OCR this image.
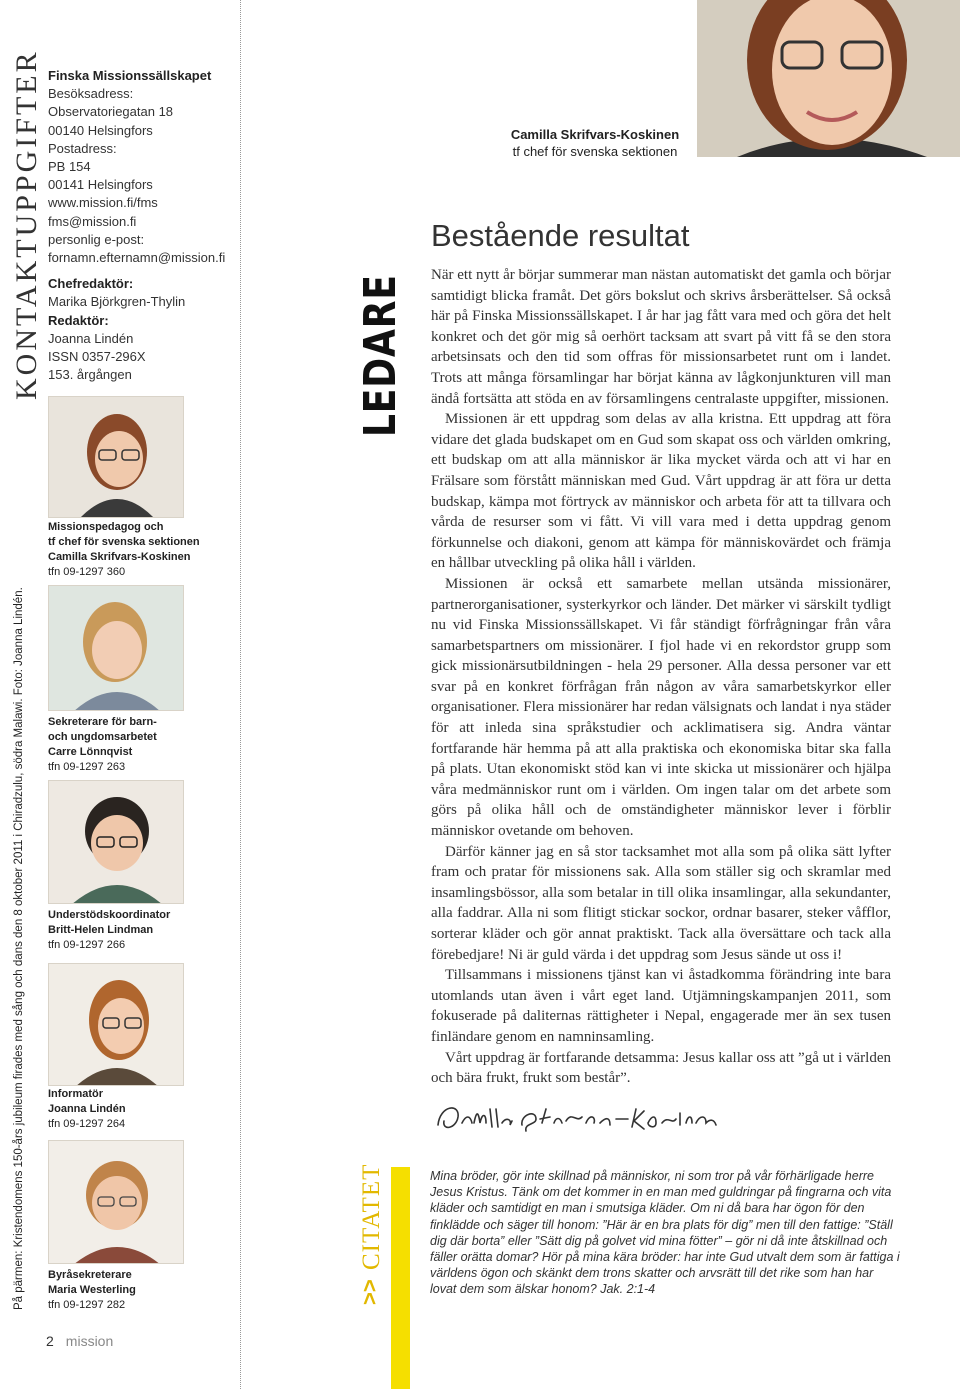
På pärmen: Kristendomens 150-års jubileum firades med sång och dans den 8 oktober 2011 i Chiradzulu, södra Malawi. Foto: Joanna Lindén.
KONTAKTUPPGIFTER Finska Missionssällskapet
Besöksadress:
Observatoriegatan 18
00140 Helsingfors
Postadress:
PB 154
00141 Helsingfors
www.mission.fi/fms
fms@mission.fi
personlig e-post:
fornamn.efternamn@mission.fi
Chefredaktör:
Marika Björkgren-Thylin
Redaktör:
Joanna Lindén
ISSN 0357-296X
153. årgången
Missionspedagog och
tf chef för svenska sektionen
Camilla Skrifvars-Koskinen
tfn 09-1297 360
Sekreterare för barn-
och ungdomsarbetet
Carre Lönnqvist
tfn 09-1297 263
Understödskoordinator
Britt-Helen Lindman
tfn 09-1297 266
Informatör
Joanna Lindén
tfn 09-1297 264
Byråsekreterare
Maria Westerling
tfn 09-1297 282
2 mission
LEDARE
Camilla Skrifvars-Koskinen
tf chef för svenska sektionen
Bestående resultat

När ett nytt år börjar summerar man nästan automatiskt det gamla och börjar samtidigt blicka framåt. Det görs bokslut och skrivs årsberättelser. Så också här på Finska Missionssällskapet. I år har jag fått vara med och göra det helt konkret och det gör mig så oerhört tacksam att svart på vitt få se den stora arbetsinsats och den tid som offras för missionsarbetet runt om i landet. Trots att många församlingar har börjat känna av lågkonjunkturen vill man ändå fortsätta att stöda en av församlingens centralaste uppgifter, missionen.

Missionen är ett uppdrag som delas av alla kristna. Ett uppdrag att föra vidare det glada budskapet om en Gud som skapat oss och världen omkring, ett budskap om att alla människor är lika mycket värda och att vi har en Frälsare som förstått människan med Gud. Vårt uppdrag är att föra ur detta budskap, kämpa mot förtryck av människor och arbeta för att ta tillvara och vårda de resurser som vi fått. Vi vill vara med i detta uppdrag genom förkunnelse och diakoni, genom att kämpa för människovärdet och främja en hållbar utveckling på olika håll i världen.

Missionen är också ett samarbete mellan utsända missionärer, partnerorganisationer, systerkyrkor och länder. Det märker vi särskilt tydligt nu vid Finska Missionssällskapet. Vi får ständigt förfrågningar från våra samarbetspartners om missionärer. I fjol hade vi en rekordstor grupp som gick missionärsutbildningen - hela 29 personer. Alla dessa personer var ett svar på en konkret förfrågan från någon av våra samarbetskyrkor eller organisationer. Flera missionärer har redan välsignats och landat i nya städer för att inleda sina språkstudier och acklimatisera sig. Andra väntar fortfarande här hemma på att alla praktiska och ekonomiska bitar ska falla på plats. Utan ekonomiskt stöd kan vi inte skicka ut missionärer och hjälpa våra medmänniskor runt om i världen. Om ingen talar om det arbete som görs på olika håll och de omständigheter människor lever i förblir människor ovetande om behoven.

Därför känner jag en så stor tacksamhet mot alla som på olika sätt lyfter fram och pratar för missionens sak. Alla som ställer sig och skramlar med insamlingsbössor, alla som betalar in till olika insamlingar, alla sekundanter, alla faddrar. Alla ni som flitigt stickar sockor, ordnar basarer, steker våfflor, sorterar kläder och gör annat praktiskt. Tack alla översättare och tack alla förebedjare! Ni är guld värda i det uppdrag som Jesus sände ut oss i!

Tillsammans i missionens tjänst kan vi åstadkomma förändring inte bara utomlands utan även i vårt eget land. Utjämningskampanjen 2011, som fokuserade på daliternas rättigheter i Nepal, engagerade mer än sex tusen finländare genom en namninsamling.

Vårt uppdrag är fortfarande detsamma: Jesus kallar oss att ”gå ut i världen och bära frukt, frukt som består”.

CITATET
>>
Mina bröder, gör inte skillnad på människor, ni som tror på vår förhärligade herre Jesus Kristus. Tänk om det kommer in en man med guldringar på fingrarna och vita kläder och samtidigt en man i smutsiga kläder. Om ni då bara har ögon för den finklädde och säger till honom: ”Här är en bra plats för dig” men till den fattige: ”Ställ dig där borta” eller ”Sätt dig på golvet vid mina fötter” – gör ni då inte åtskillnad och fäller orätta domar? Hör på mina kära bröder: har inte Gud utvalt dem som är fattiga i världens ögon och skänkt dem trons skatter och arvsrätt till det rike som han har lovat dem som älskar honom? Jak. 2:1-4
